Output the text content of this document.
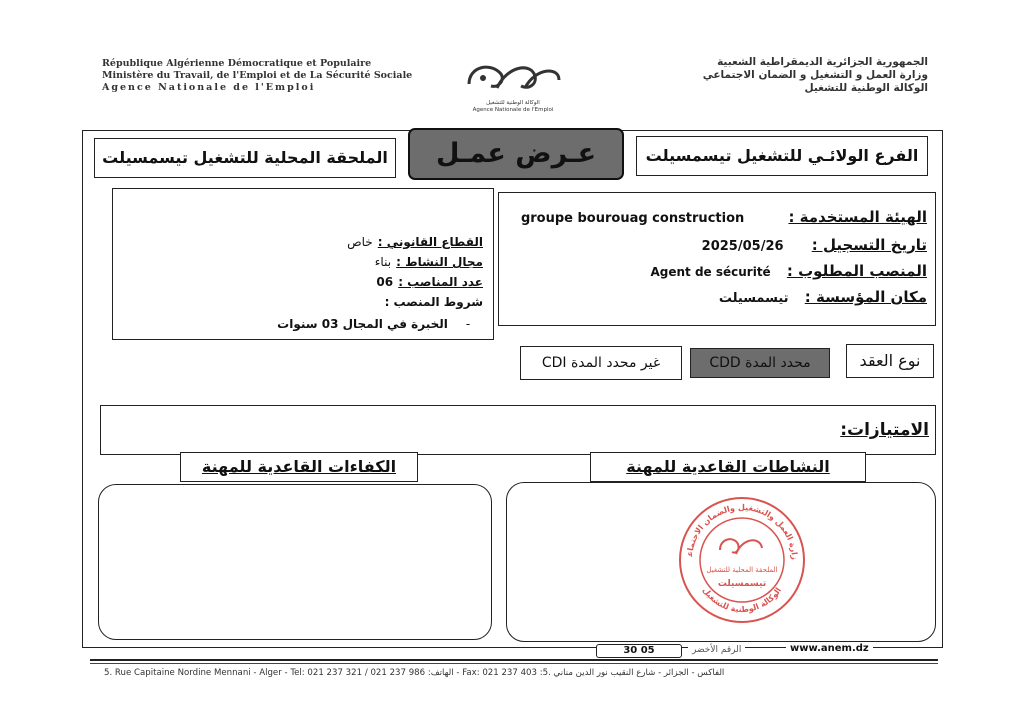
République Algérienne Démocratique et Populaire
Ministère du Travail, de l'Emploi et de La Sécurité Sociale
Agence Nationale de l'Emploi
الوكالة الوطنية للتشغيل
Agence Nationale de l'Emploi
الجمهورية الجزائرية الديمقراطية الشعبية
وزارة العمل و التشغيل و الضمان الاجتماعي
الوكالة الوطنية للتشغيل
الملحقة المحلية للتشغيل تيسمسيلت	عـرض عمـل	الفرع الولائـي للتشغيل تيسمسيلت
الهيئة المستخدمة :  groupe bourouag construction
تاريخ التسجيل :  2025/05/26
المنصب المطلوب :  Agent de sécurité
مكان المؤسسة :  تيسمسيلت
القطاع القانوني : خاص
مجال النشاط : بناء
عدد المناصب : 06
شروط المنصب :
- الخبرة في المجال 03 سنوات
نوع العقد
محدد المدة CDD
غير محدد المدة CDI
الامتيازات:
الكفاءات القاعدية للمهنة	النشاطات القاعدية للمهنة
زارة العمل والتشغيل والضمان الاجتماعي
الوكالة الوطنية للتشغيل
الملحقة المحلية للتشغيل
تيسمسيلت
30 05	الرقم الأخضر	www.anem.dz
5. Rue Capitaine Nordine Mennani - Alger - Tel: 021 237 321 / 021 237 986 :الهاتف - Fax: 021 237 403 :الفاكس - الجزائر - شارع النقيب نور الدين مناني .5
